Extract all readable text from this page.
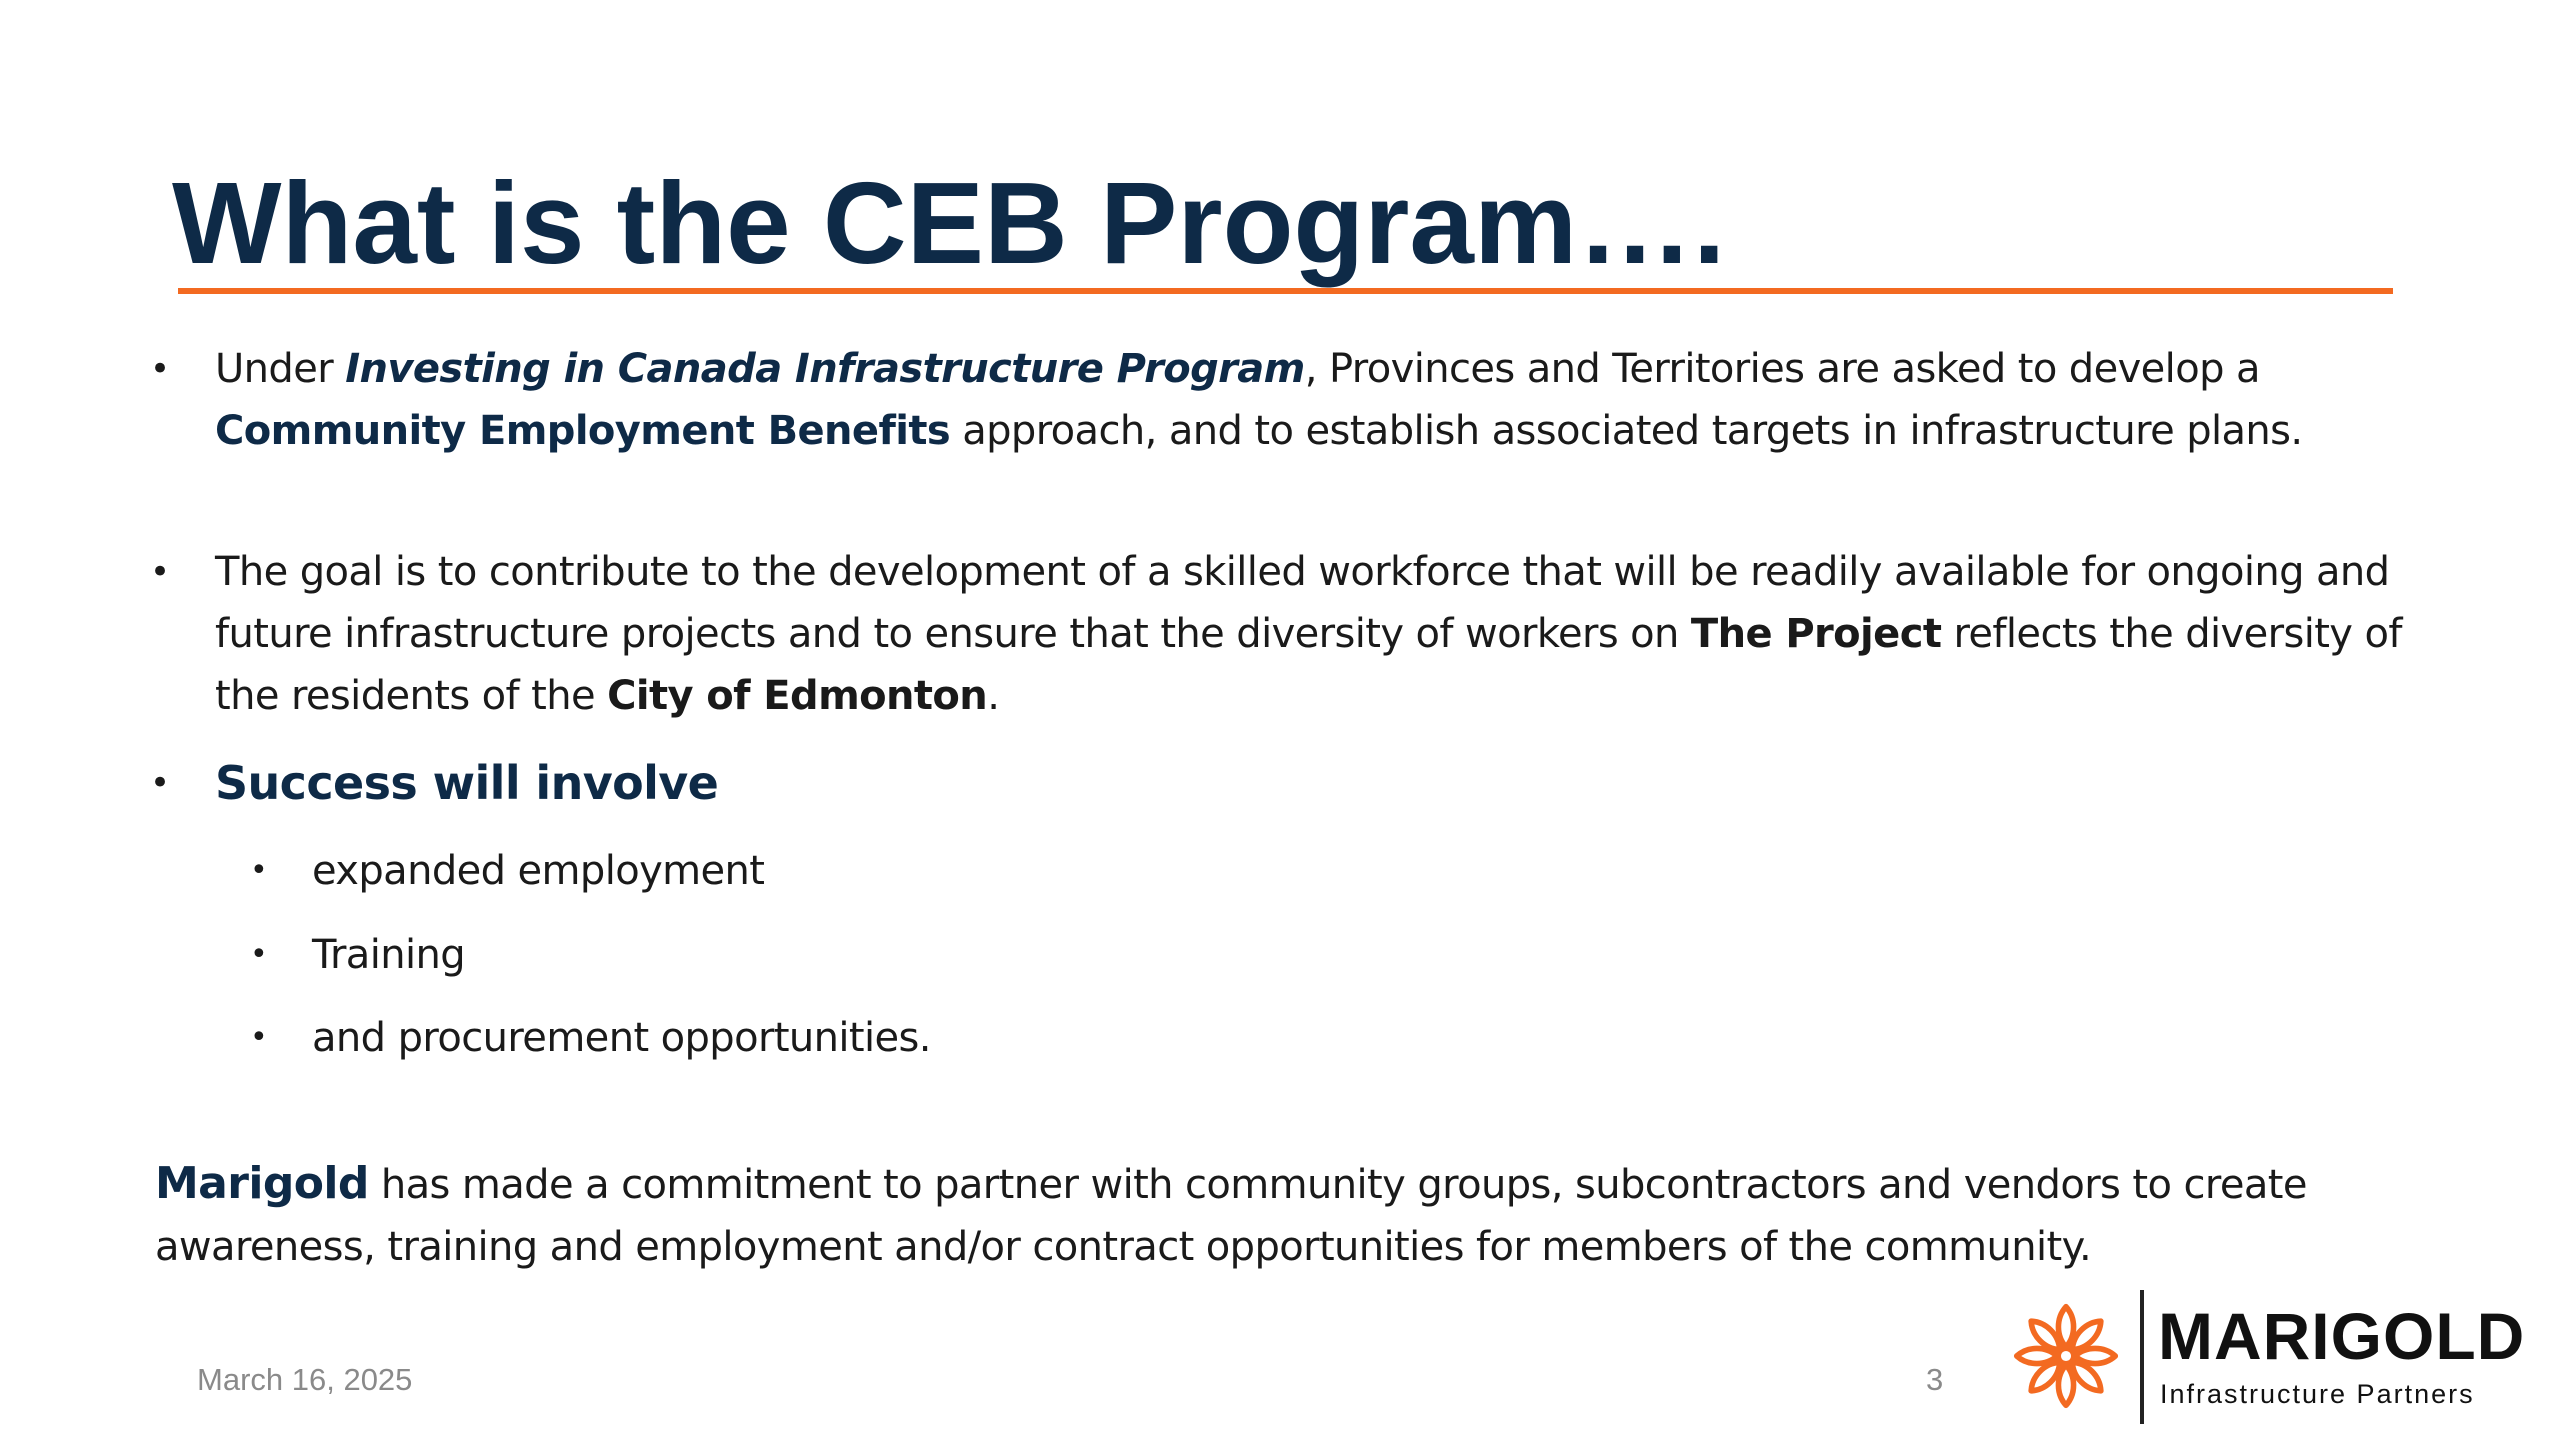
What is the CEB Program….
• Under Investing in Canada Infrastructure Program, Provinces and Territories are asked to develop a Community Employment Benefits approach, and to establish associated targets in infrastructure plans.
• The goal is to contribute to the development of a skilled workforce that will be readily available for ongoing and future infrastructure projects and to ensure that the diversity of workers on The Project reflects the diversity of the residents of the City of Edmonton.
• Success will involve
• expanded employment
• Training
• and procurement opportunities.
Marigold has made a commitment to partner with community groups, subcontractors and vendors to create awareness, training and employment and/or contract opportunities for members of the community.
March 16, 2025	3
MARIGOLD
Infrastructure Partners
